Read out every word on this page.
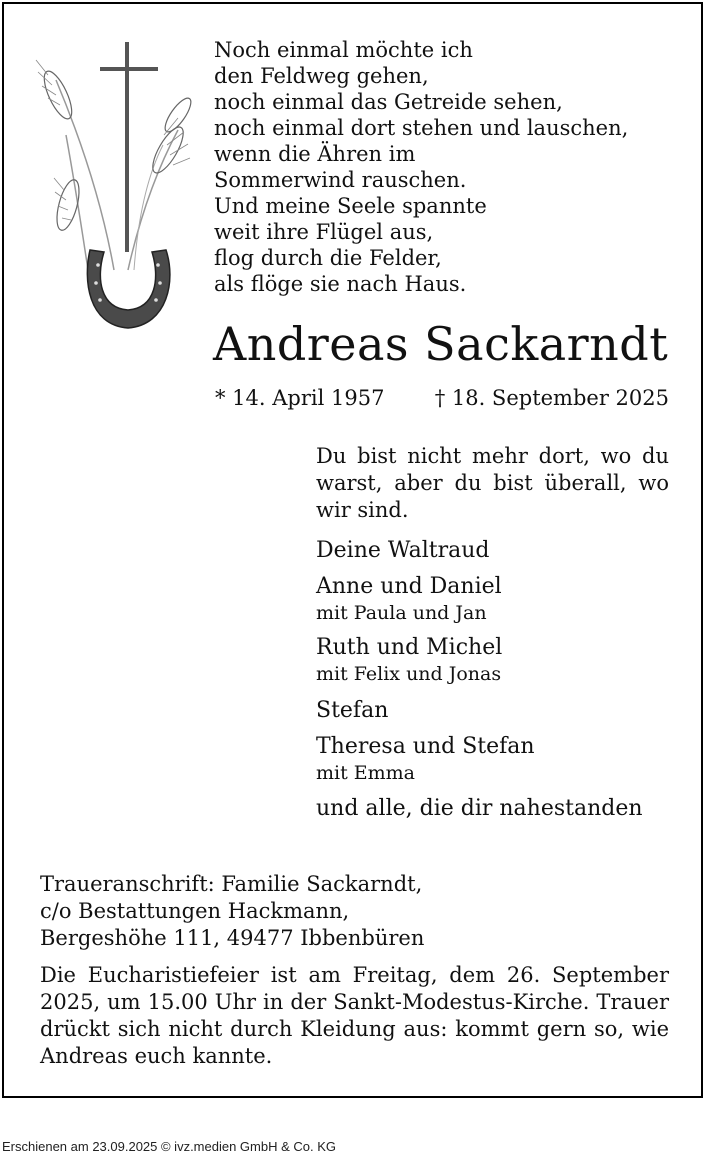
Noch einmal möchte ich
den Feldweg gehen,
noch einmal das Getreide sehen,
noch einmal dort stehen und lauschen,
wenn die Ähren im
Sommerwind rauschen.
Und meine Seele spannte
weit ihre Flügel aus,
flog durch die Felder,
als flöge sie nach Haus.
Andreas Sackarndt
* 14. April 1957 † 18. September 2025
Du bist nicht mehr dort, wo du warst, aber du bist überall, wo wir sind.
Deine Waltraud
Anne und Daniel
mit Paula und Jan
Ruth und Michel
mit Felix und Jonas
Stefan
Theresa und Stefan
mit Emma
und alle, die dir nahestanden
Traueranschrift: Familie Sackarndt,
c/o Bestattungen Hackmann,
Bergeshöhe 111, 49477 Ibbenbüren
Die Eucharistiefeier ist am Freitag, dem 26. September 2025, um 15.00 Uhr in der Sankt-Modestus-Kirche. Trauer drückt sich nicht durch Kleidung aus: kommt gern so, wie Andreas euch kannte.
Erschienen am 23.09.2025 © ivz.medien GmbH & Co. KG
